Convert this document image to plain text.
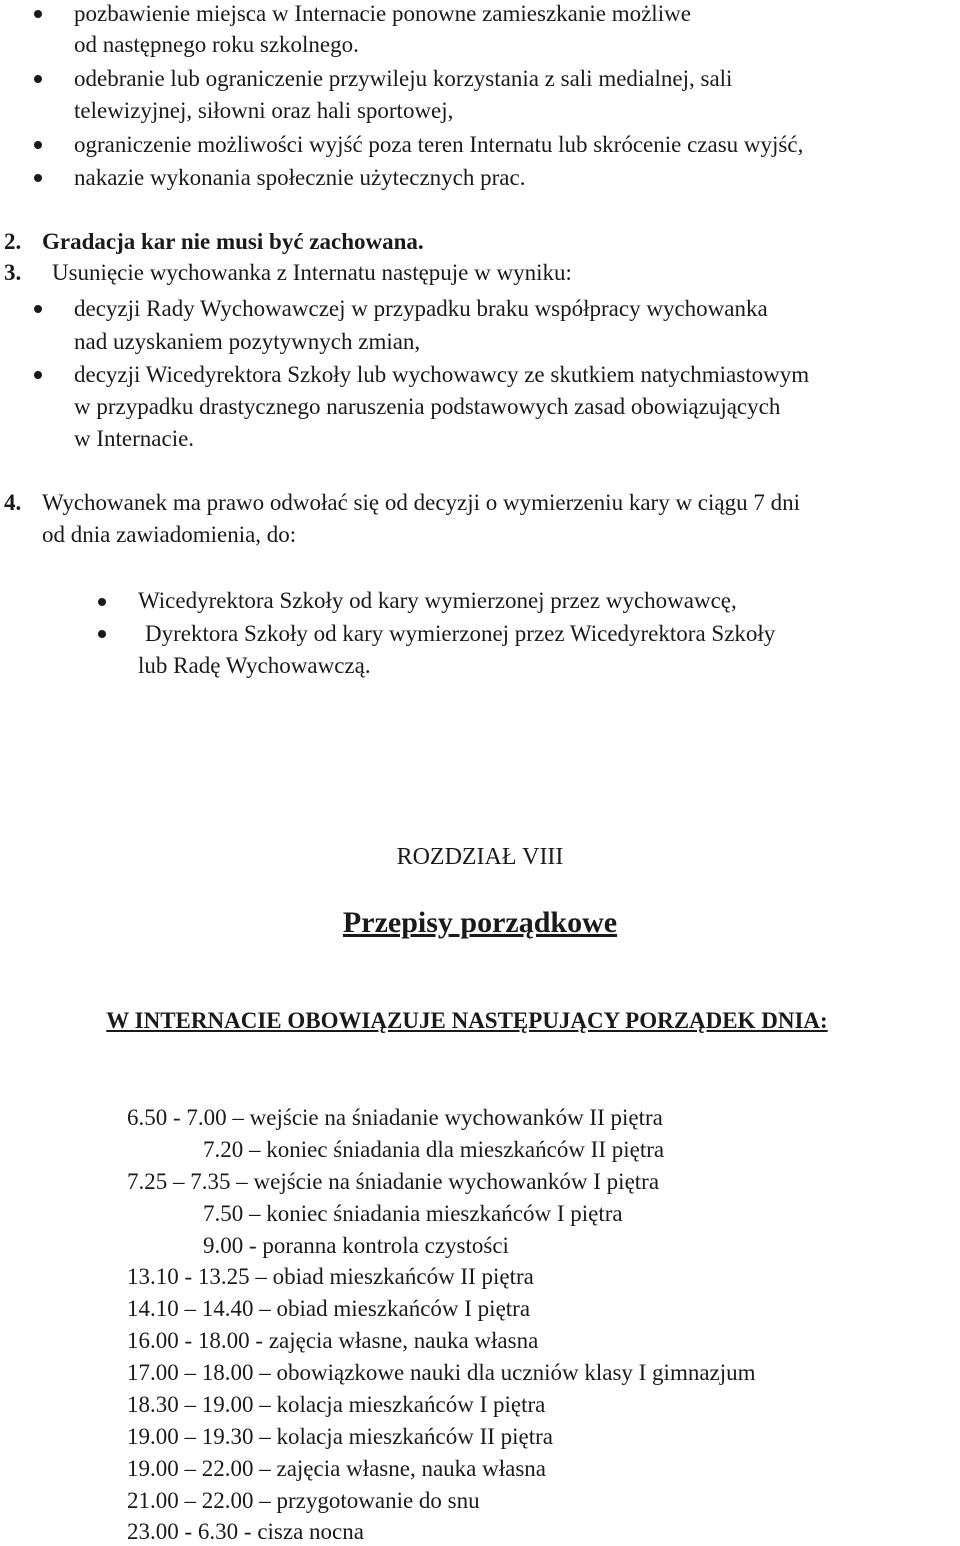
pozbawienie miejsca w Internacie ponowne zamieszkanie możliwe
od następnego roku szkolnego.
odebranie lub ograniczenie przywileju korzystania z sali medialnej, sali
telewizyjnej, siłowni oraz hali sportowej,
ograniczenie możliwości wyjść poza teren Internatu lub skrócenie czasu wyjść,
nakazie wykonania społecznie użytecznych prac.
2. Gradacja kar nie musi być zachowana.
3. Usunięcie wychowanka z Internatu następuje w wyniku:
decyzji Rady Wychowawczej w przypadku braku współpracy wychowanka
nad uzyskaniem pozytywnych zmian,
decyzji Wicedyrektora Szkoły lub wychowawcy ze skutkiem natychmiastowym
w przypadku drastycznego naruszenia podstawowych zasad obowiązujących
w Internacie.
4. Wychowanek ma prawo odwołać się od decyzji o wymierzeniu kary w ciągu 7 dni
od dnia zawiadomienia, do:
Wicedyrektora Szkoły od kary wymierzonej przez wychowawcę,
Dyrektora Szkoły od kary wymierzonej przez Wicedyrektora Szkoły
lub Radę Wychowawczą.
ROZDZIAŁ VIII
Przepisy porządkowe
W INTERNACIE OBOWIĄZUJE NASTĘPUJĄCY PORZĄDEK DNIA:
6.50 - 7.00 – wejście na śniadanie wychowanków II piętra
7.20 – koniec śniadania dla mieszkańców II piętra
7.25 – 7.35 – wejście na śniadanie wychowanków I piętra
7.50 – koniec śniadania mieszkańców I piętra
9.00 - poranna kontrola czystości
13.10 - 13.25 – obiad mieszkańców II piętra
14.10 – 14.40 – obiad mieszkańców I piętra
16.00 - 18.00 - zajęcia własne, nauka własna
17.00 – 18.00 – obowiązkowe nauki dla uczniów klasy I gimnazjum
18.30 – 19.00 – kolacja mieszkańców I piętra
19.00 – 19.30 – kolacja mieszkańców II piętra
19.00 – 22.00 – zajęcia własne, nauka własna
21.00 – 22.00 – przygotowanie do snu
23.00 - 6.30 - cisza nocna
